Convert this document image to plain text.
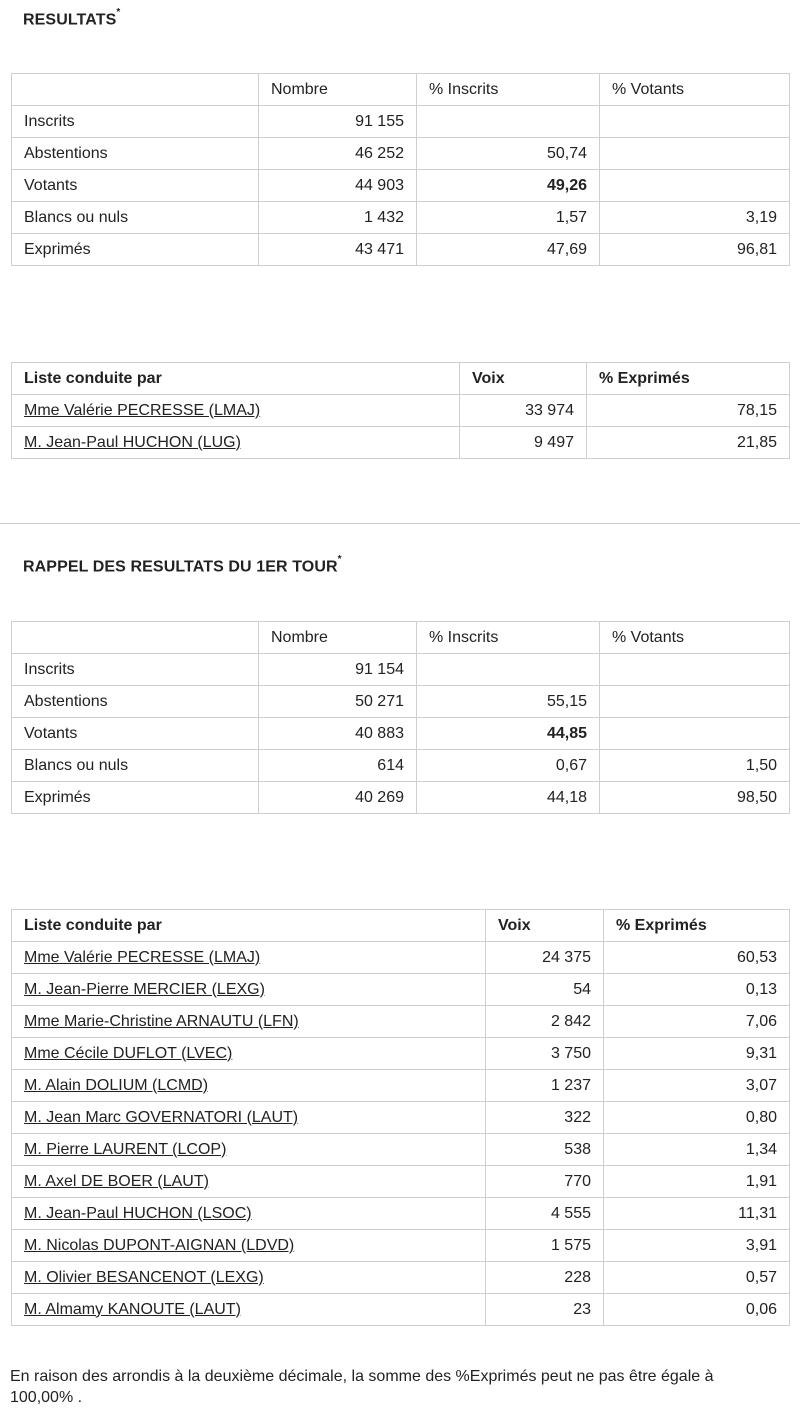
RESULTATS*
	Nombre	% Inscrits	% Votants
Inscrits	91 155		
Abstentions	46 252	50,74	
Votants	44 903	49,26	
Blancs ou nuls	1 432	1,57	3,19
Exprimés	43 471	47,69	96,81
Liste conduite par	Voix	% Exprimés
Mme Valérie PECRESSE (LMAJ)	33 974	78,15
M. Jean-Paul HUCHON (LUG)	9 497	21,85
RAPPEL DES RESULTATS DU 1ER TOUR*
	Nombre	% Inscrits	% Votants
Inscrits	91 154		
Abstentions	50 271	55,15	
Votants	40 883	44,85	
Blancs ou nuls	614	0,67	1,50
Exprimés	40 269	44,18	98,50
Liste conduite par	Voix	% Exprimés
Mme Valérie PECRESSE (LMAJ)	24 375	60,53
M. Jean-Pierre MERCIER (LEXG)	54	0,13
Mme Marie-Christine ARNAUTU (LFN)	2 842	7,06
Mme Cécile DUFLOT (LVEC)	3 750	9,31
M. Alain DOLIUM (LCMD)	1 237	3,07
M. Jean Marc GOVERNATORI (LAUT)	322	0,80
M. Pierre LAURENT (LCOP)	538	1,34
M. Axel DE BOER (LAUT)	770	1,91
M. Jean-Paul HUCHON (LSOC)	4 555	11,31
M. Nicolas DUPONT-AIGNAN (LDVD)	1 575	3,91
M. Olivier BESANCENOT (LEXG)	228	0,57
M. Almamy KANOUTE (LAUT)	23	0,06
En raison des arrondis à la deuxième décimale, la somme des %Exprimés peut ne pas être égale à 100,00% .
